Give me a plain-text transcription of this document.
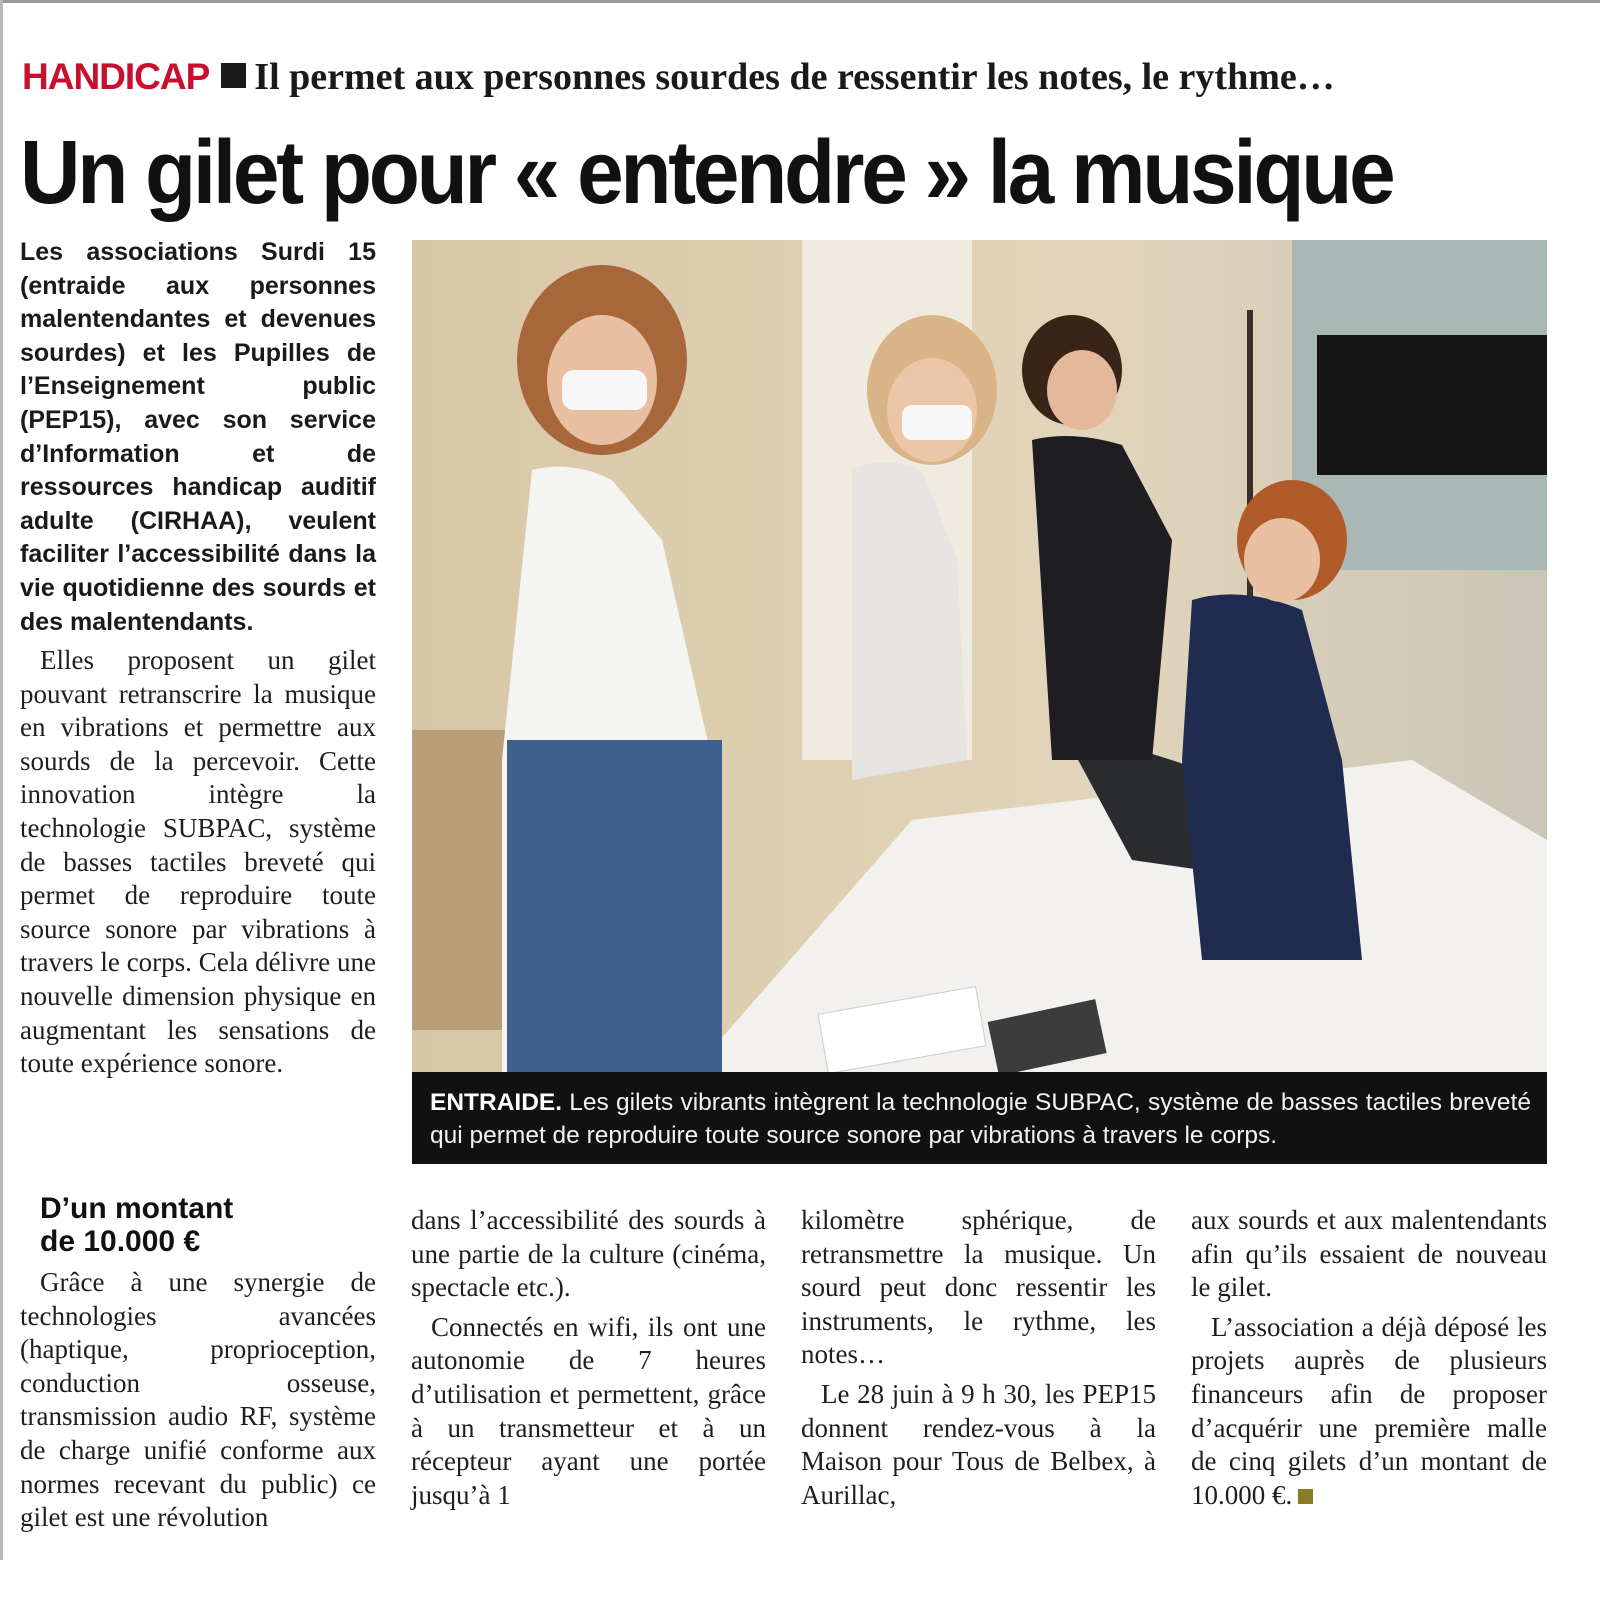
HANDICAP Il permet aux personnes sourdes de ressentir les notes, le rythme…
Un gilet pour « entendre » la musique
Les associations Surdi 15 (entraide aux personnes malentendantes et devenues sourdes) et les Pupilles de l’Enseignement public (PEP15), avec son service d’Information et de ressources handicap auditif adulte (CIRHAA), veulent faciliter l’accessibilité dans la vie quotidienne des sourds et des malentendants.

Elles proposent un gilet pouvant retranscrire la musique en vibrations et permettre aux sourds de la percevoir. Cette innovation intègre la technologie SUBPAC, système de basses tactiles breveté qui permet de reproduire toute source sonore par vibrations à travers le corps. Cela délivre une nouvelle dimension physique en augmentant les sensations de toute expérience sonore.

D’un montant

de 10.000 €

Grâce à une synergie de technologies avancées (haptique, proprioception, conduction osseuse, transmission audio RF, système de charge unifié conforme aux normes recevant du public) ce gilet est une révolution

ENTRAIDE. Les gilets vibrants intègrent la technologie SUBPAC, système de basses tactiles breveté qui permet de reproduire toute source sonore par vibrations à travers le corps.

dans l’accessibilité des sourds à une partie de la culture (cinéma, spectacle etc.).

Connectés en wifi, ils ont une autonomie de 7 heures d’utilisation et permettent, grâce à un transmetteur et à un récepteur ayant une portée jusqu’à 1

kilomètre sphérique, de retransmettre la musique. Un sourd peut donc ressentir les instruments, le rythme, les notes…

Le 28 juin à 9 h 30, les PEP15 donnent rendez-vous à la Maison pour Tous de Belbex, à Aurillac,

aux sourds et aux malentendants afin qu’ils essaient de nouveau le gilet.

L’association a déjà déposé les projets auprès de plusieurs financeurs afin de proposer d’acquérir une première malle de cinq gilets d’un montant de 10.000 €.
